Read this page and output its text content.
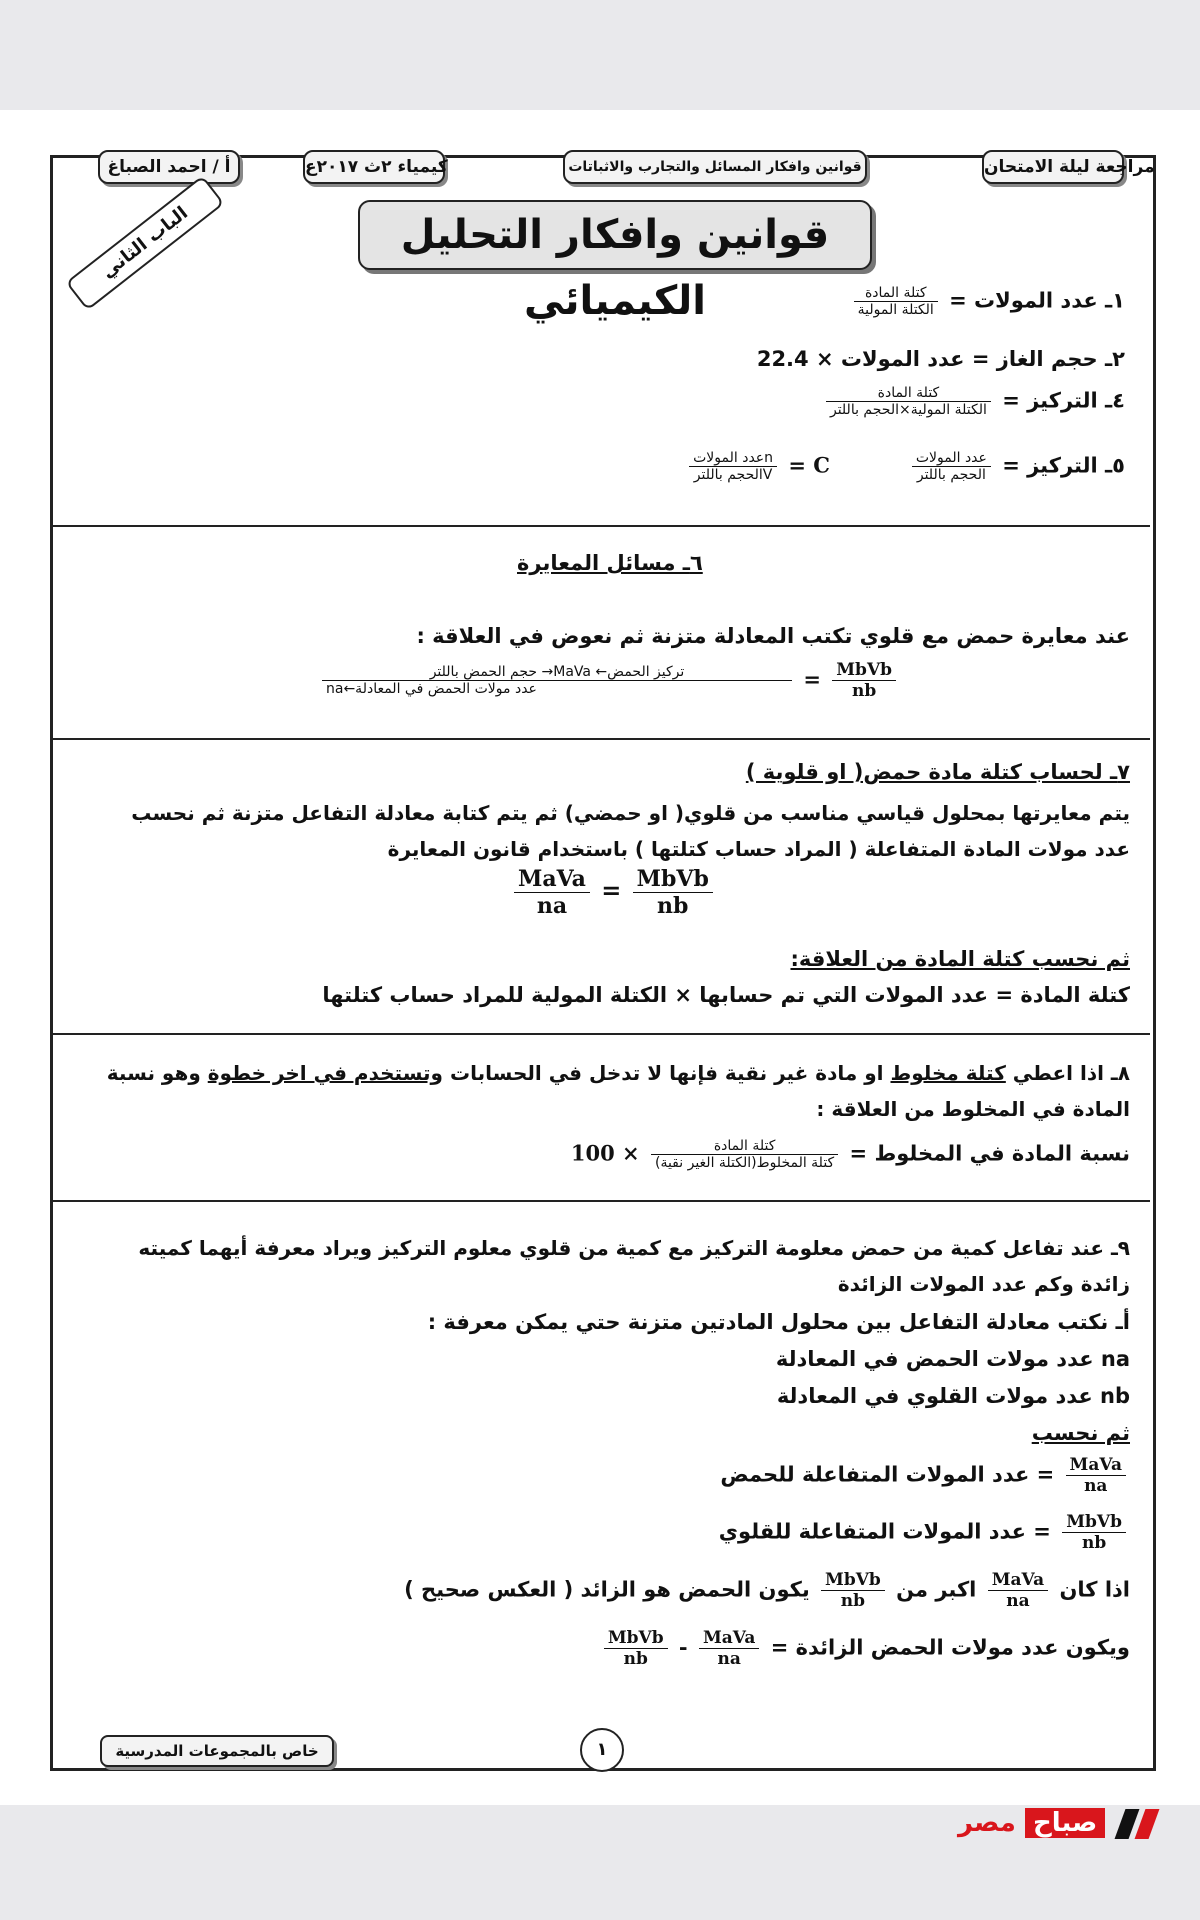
مراجعة ليلة الامتحان
قوانين وافكار المسائل والتجارب والاثباتات
كيمياء ٢ث ٢٠١٧ع
أ / احمد الصباغ
قوانين وافكار التحليل الكيميائي
الباب الثاني
١ـ عدد المولات =
$\frac{\text{كتلة المادة}}{\text{الكتلة المولية}}$
٢ـ حجم الغاز = عدد المولات × 22.4
٤ـ التركيز =
$\frac{\text{كتلة المادة}}{\text{الكتلة المولية×الحجم باللتر}}$
٥ـ التركيز =
$\frac{\text{عدد المولات}}{\text{الحجم باللتر}}$
C =
$\frac{\text{nعدد المولات}}{\text{Vالحجم باللتر}}$
٦ـ مسائل المعايرة
عند معايرة حمض مع قلوي تكتب المعادلة متزنة ثم نعوض في العلاقة :
$\frac{\text{تركيز الحمض← MaVa→ حجم الحمض باللتر}}{\text{عدد مولات الحمض في المعادلة←na}} = \frac{\text{MbVb}}{nb}$
٧ـ لحساب كتلة مادة حمض( او قلوية )
يتم معايرتها بمحلول قياسي مناسب من قلوي( او حمضي) ثم يتم كتابة معادلة التفاعل متزنة ثم نحسب عدد مولات المادة المتفاعلة ( المراد حساب كتلتها ) باستخدام قانون المعايرة
$\frac{\text{MaVa}}{na} = \frac{\text{MbVb}}{nb}$
ثم نحسب كتلة المادة من العلاقة:
كتلة المادة = عدد المولات التي تم حسابها × الكتلة المولية للمراد حساب كتلتها
٨ـ اذا اعطي كتلة مخلوط او مادة غير نقية فإنها لا تدخل في الحسابات وتستخدم في اخر خطوة وهو نسبة المادة في المخلوط من العلاقة :
نسبة المادة في المخلوط =
$\frac{\text{كتلة المادة}}{\text{كتلة المخلوط(الكتلة الغير نقية)}}$
× 100
٩ـ عند تفاعل كمية من حمض معلومة التركيز مع كمية من قلوي معلوم التركيز ويراد معرفة أيهما كميته زائدة وكم عدد المولات الزائدة
أـ نكتب معادلة التفاعل بين محلول المادتين متزنة حتي يمكن معرفة :
na عدد مولات الحمض في المعادلة
nb عدد مولات القلوي في المعادلة
ثم نحسب
$\frac{\text{MaVa}}{na}$
= عدد المولات المتفاعلة للحمض
$\frac{\text{MbVb}}{nb}$
= عدد المولات المتفاعلة للقلوي
اذا كان
$\frac{\text{MaVa}}{na}$
اكبر من
$\frac{\text{MbVb}}{nb}$
يكون الحمض هو الزائد ( العكس صحيح )
ويكون عدد مولات الحمض الزائدة =
$\frac{\text{MaVa}}{na}$
-
$\frac{\text{MbVb}}{nb}$
خاص بالمجموعات المدرسية	١
صباح مصر
